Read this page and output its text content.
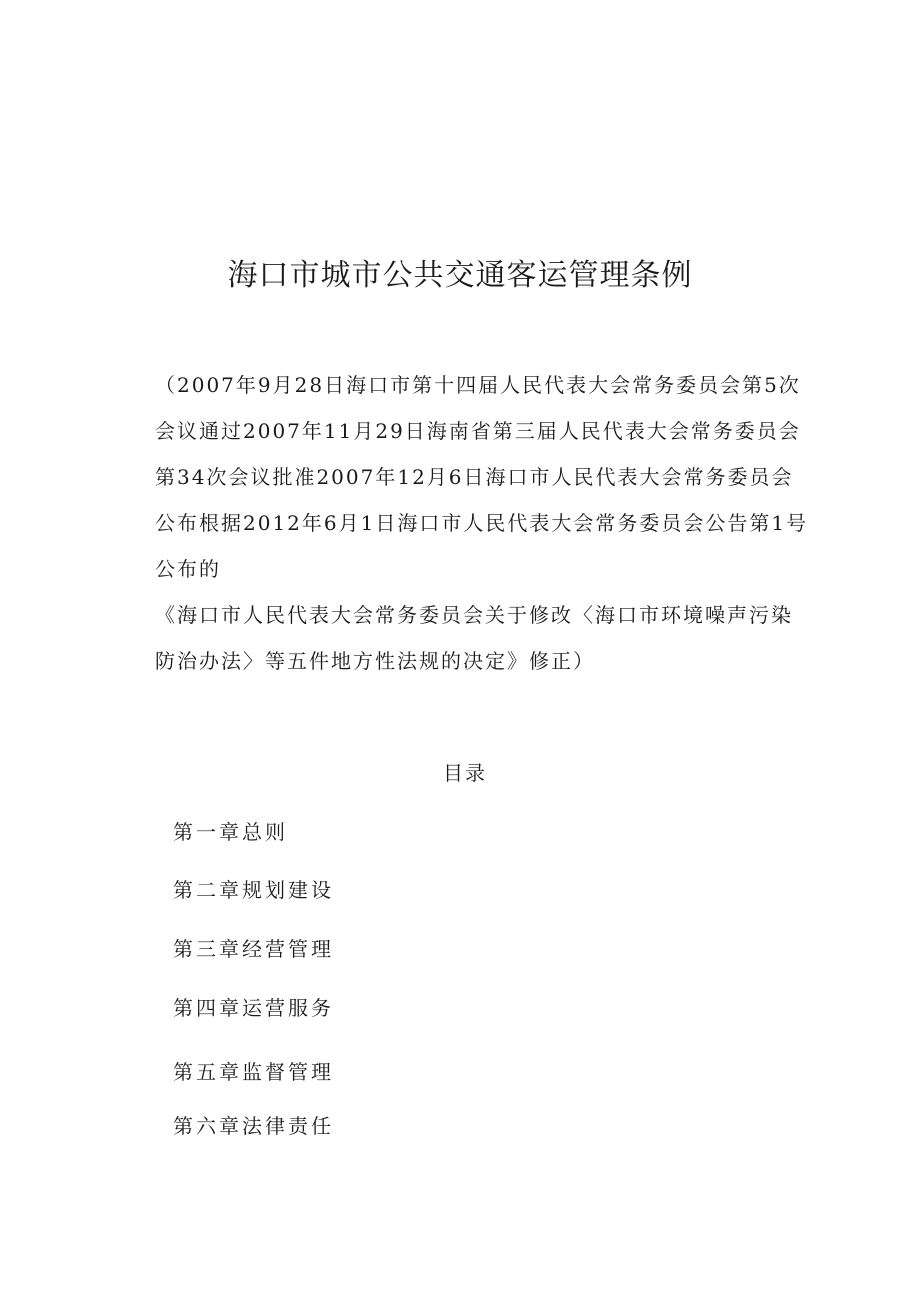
海口市城市公共交通客运管理条例

（2007年9月28日海口市第十四届人民代表大会常务委员会第5次会议通过2007年11月29日海南省第三届人民代表大会常务委员会第34次会议批准2007年12月6日海口市人民代表大会常务委员会公布根据2012年6月1日海口市人民代表大会常务委员会公告第1号公布的

《海口市人民代表大会常务委员会关于修改〈海口市环境噪声污染防治办法〉等五件地方性法规的决定》修正）

目录

第一章总则

第二章规划建设

第三章经营管理

第四章运营服务

第五章监督管理

第六章法律责任
